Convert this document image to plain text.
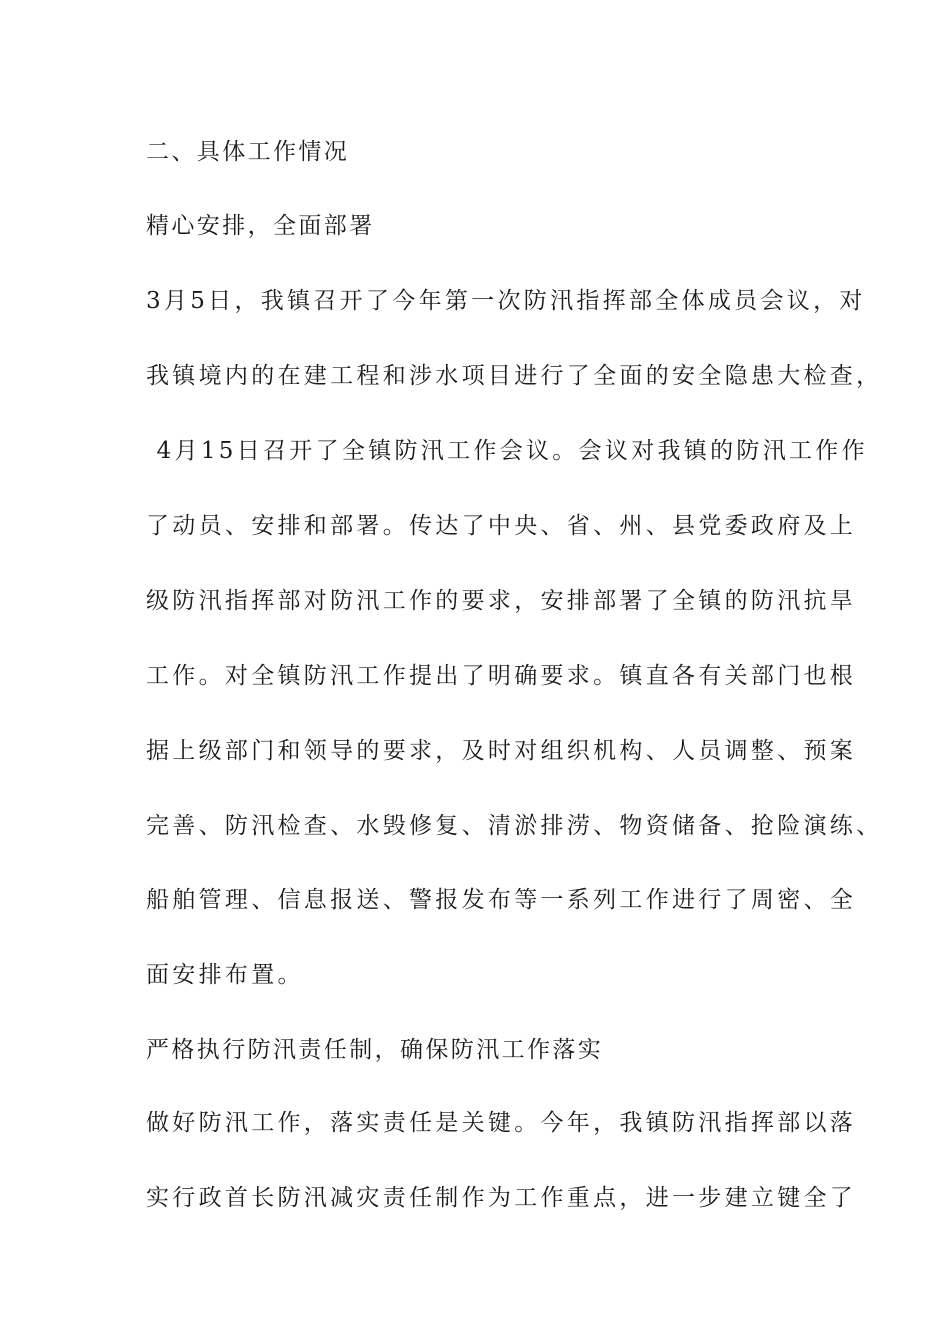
二、具体工作情况
精心安排，全面部署
3月5日，我镇召开了今年第一次防汛指挥部全体成员会议，对
我镇境内的在建工程和涉水项目进行了全面的安全隐患大检查，
4月15日召开了全镇防汛工作会议。会议对我镇的防汛工作作
了动员、安排和部署。传达了中央、省、州、县党委政府及上
级防汛指挥部对防汛工作的要求，安排部署了全镇的防汛抗旱
工作。对全镇防汛工作提出了明确要求。镇直各有关部门也根
据上级部门和领导的要求，及时对组织机构、人员调整、预案
完善、防汛检查、水毁修复、清淤排涝、物资储备、抢险演练、
船舶管理、信息报送、警报发布等一系列工作进行了周密、全
面安排布置。
严格执行防汛责任制，确保防汛工作落实
做好防汛工作，落实责任是关键。今年，我镇防汛指挥部以落
实行政首长防汛减灾责任制作为工作重点，进一步建立键全了
